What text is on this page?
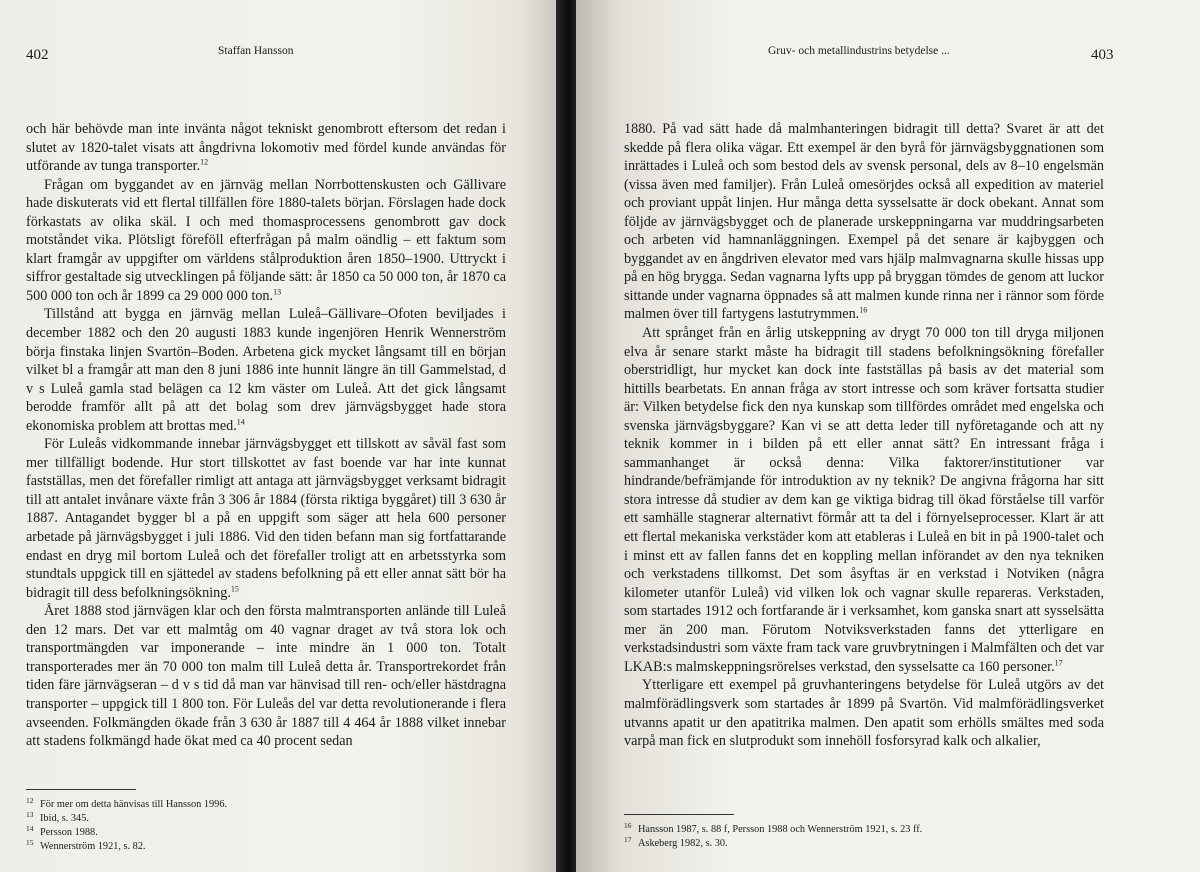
402	Staffan Hansson

och här behövde man inte invänta något tekniskt genombrott eftersom det redan i slutet av 1820-talet visats att ångdrivna lokomotiv med fördel kunde användas för utförande av tunga transporter.$^{12}$

Frågan om byggandet av en järnväg mellan Norrbottenskusten och Gällivare hade diskuterats vid ett flertal tillfällen före 1880-talets början. Förslagen hade dock förkastats av olika skäl. I och med thomasprocessens genombrott gav dock motståndet vika. Plötsligt föreföll efterfrågan på malm oändlig – ett faktum som klart framgår av uppgifter om världens stålproduktion åren 1850–1900. Uttryckt i siffror gestaltade sig utvecklingen på följande sätt: år 1850 ca 50 000 ton, år 1870 ca 500 000 ton och år 1899 ca 29 000 000 ton.$^{13}$

Tillstånd att bygga en järnväg mellan Luleå–Gällivare–Ofoten beviljades i december 1882 och den 20 augusti 1883 kunde ingenjören Henrik Wennerström börja finstaka linjen Svartön–Boden. Arbetena gick mycket långsamt till en början vilket bl a framgår att man den 8 juni 1886 inte hunnit längre än till Gammelstad, d v s Luleå gamla stad belägen ca 12 km väster om Luleå. Att det gick långsamt berodde framför allt på att det bolag som drev järnvägsbygget hade stora ekonomiska problem att brottas med.$^{14}$

För Luleås vidkommande innebar järnvägsbygget ett tillskott av såväl fast som mer tillfälligt bodende. Hur stort tillskottet av fast boende var har inte kunnat fastställas, men det förefaller rimligt att antaga att järnvägsbygget verksamt bidragit till att antalet invånare växte från 3 306 år 1884 (första riktiga byggåret) till 3 630 år 1887. Antagandet bygger bl a på en uppgift som säger att hela 600 personer arbetade på järnvägsbygget i juli 1886. Vid den tiden befann man sig fortfattarande endast en dryg mil bortom Luleå och det förefaller troligt att en arbetsstyrka som stundtals uppgick till en sjättedel av stadens befolkning på ett eller annat sätt bör ha bidragit till dess befolkningsökning.$^{15}$

Året 1888 stod järnvägen klar och den första malmtransporten anlände till Luleå den 12 mars. Det var ett malmtåg om 40 vagnar draget av två stora lok och transportmängden var imponerande – inte mindre än 1 000 ton. Totalt transporterades mer än 70 000 ton malm till Luleå detta år. Transportrekordet från tiden färe järnvägseran – d v s tid då man var hänvisad till ren- och/eller hästdragna transporter – uppgick till 1 800 ton. För Luleås del var detta revolutionerande i flera avseenden. Folkmängden ökade från 3 630 år 1887 till 4 464 år 1888 vilket innebar att stadens folkmängd hade ökat med ca 40 procent sedan

12 För mer om detta hänvisas till Hansson 1996.
13 Ibid, s. 345.
14 Persson 1988.
15 Wennerström 1921, s. 82.
Gruv- och metallindustrins betydelse ...	403

1880. På vad sätt hade då malmhanteringen bidragit till detta? Svaret är att det skedde på flera olika vägar. Ett exempel är den byrå för järnvägsbyggnationen som inrättades i Luleå och som bestod dels av svensk personal, dels av 8–10 engelsmän (vissa även med familjer). Från Luleå omesörjdes också all expedition av materiel och proviant uppåt linjen. Hur många detta sysselsatte är dock obekant. Annat som följde av järnvägsbygget och de planerade urskeppningarna var muddringsarbeten och arbeten vid hamnanläggningen. Exempel på det senare är kajbyggen och byggandet av en ångdriven elevator med vars hjälp malmvagnarna skulle hissas upp på en hög brygga. Sedan vagnarna lyfts upp på bryggan tömdes de genom att luckor sittande under vagnarna öppnades så att malmen kunde rinna ner i rännor som förde malmen över till fartygens lastutrymmen.$^{16}$

Att språnget från en årlig utskeppning av drygt 70 000 ton till dryga miljonen elva år senare starkt måste ha bidragit till stadens befolkningsökning förefaller oberstridligt, hur mycket kan dock inte fastställas på basis av det material som hittills bearbetats. En annan fråga av stort intresse och som kräver fortsatta studier är: Vilken betydelse fick den nya kunskap som tillfördes området med engelska och svenska järnvägsbyggare? Kan vi se att detta leder till nyföretagande och att ny teknik kommer in i bilden på ett eller annat sätt? En intressant fråga i sammanhanget är också denna: Vilka faktorer/institutioner var hindrande/befrämjande för introduktion av ny teknik? De angivna frågorna har sitt stora intresse då studier av dem kan ge viktiga bidrag till ökad förståelse till varför ett samhälle stagnerar alternativt förmår att ta del i förnyelseprocesser. Klart är att ett flertal mekaniska verkstäder kom att etableras i Luleå en bit in på 1900-talet och i minst ett av fallen fanns det en koppling mellan införandet av den nya tekniken och verkstadens tillkomst. Det som åsyftas är en verkstad i Notviken (några kilometer utanför Luleå) vid vilken lok och vagnar skulle repareras. Verkstaden, som startades 1912 och fortfarande är i verksamhet, kom ganska snart att sysselsätta mer än 200 man. Förutom Notviksverkstaden fanns det ytterligare en verkstadsindustri som växte fram tack vare gruvbrytningen i Malmfälten och det var LKAB:s malmskeppningsrörelses verkstad, den sysselsatte ca 160 personer.$^{17}$

Ytterligare ett exempel på gruvhanteringens betydelse för Luleå utgörs av det malmförädlingsverk som startades år 1899 på Svartön. Vid malmförädlingsverket utvanns apatit ur den apatitrika malmen. Den apatit som erhölls smältes med soda varpå man fick en slutprodukt som innehöll fosforsyrad kalk och alkalier,

16 Hansson 1987, s. 88 f, Persson 1988 och Wennerström 1921, s. 23 ff.
17 Askeberg 1982, s. 30.
